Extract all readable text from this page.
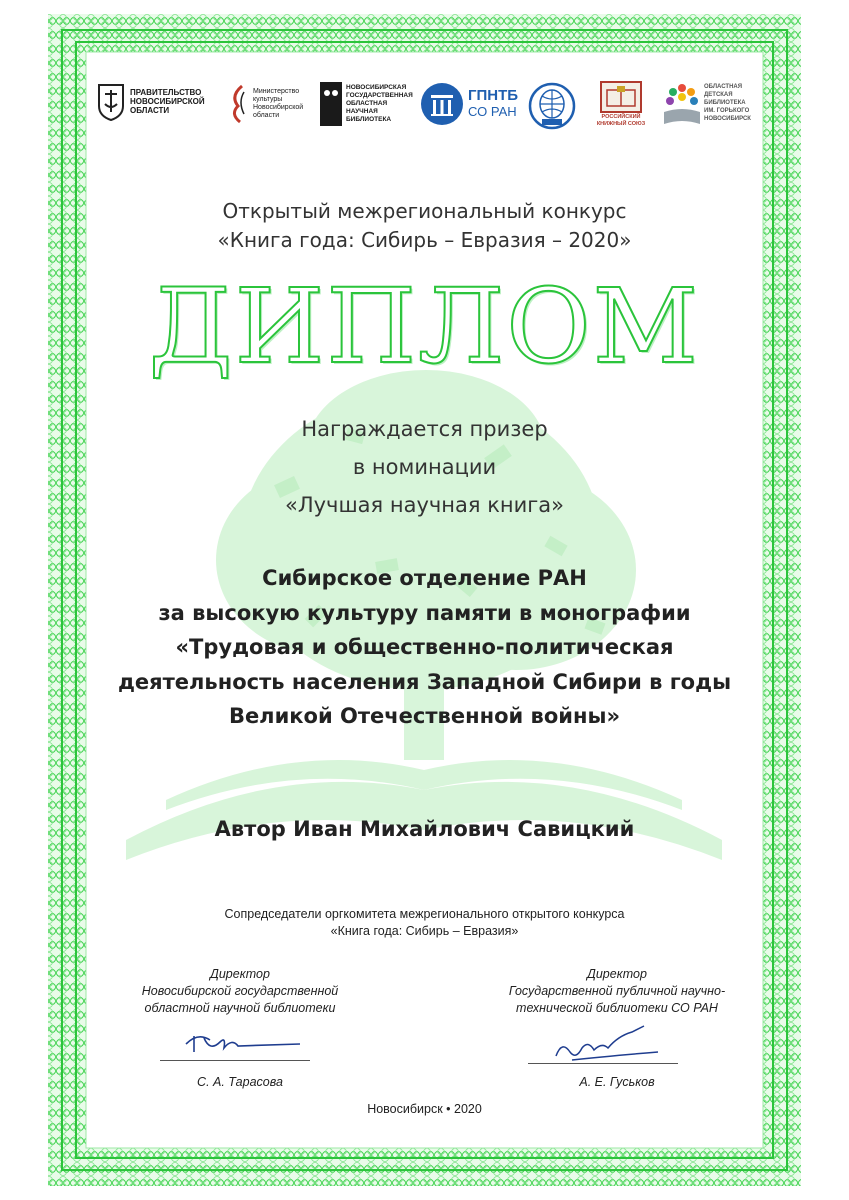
ПРАВИТЕЛЬСТВО
НОВОСИБИРСКОЙ
ОБЛАСТИ
Министерство
культуры
Новосибирской
области
НОВОСИБИРСКАЯ
ГОСУДАРСТВЕННАЯ
ОБЛАСТНАЯ
НАУЧНАЯ
БИБЛИОТЕКА
ГПНТБ
СО РАН	РОССИЙСКИЙ
КНИЖНЫЙ СОЮЗ
ОБЛАСТНАЯ
ДЕТСКАЯ
БИБЛИОТЕКА
ИМ. ГОРЬКОГО
НОВОСИБИРСК
Открытый межрегиональный конкурс
«Книга года: Сибирь – Евразия – 2020»
ДИПЛОМ
Награждается призер
в номинации
«Лучшая научная книга»
Сибирское отделение РАН
за высокую культуру памяти в монографии
«Трудовая и общественно-политическая
деятельность населения Западной Сибири в годы
Великой Отечественной войны»
Автор Иван Михайлович Савицкий
Сопредседатели оргкомитета межрегионального открытого конкурса
«Книга года: Сибирь – Евразия»
Директор
Новосибирской государственной
областной научной библиотеки
С. А. Тарасова
Директор
Государственной публичной научно-
технической библиотеки СО РАН
А. Е. Гуськов
Новосибирск • 2020
